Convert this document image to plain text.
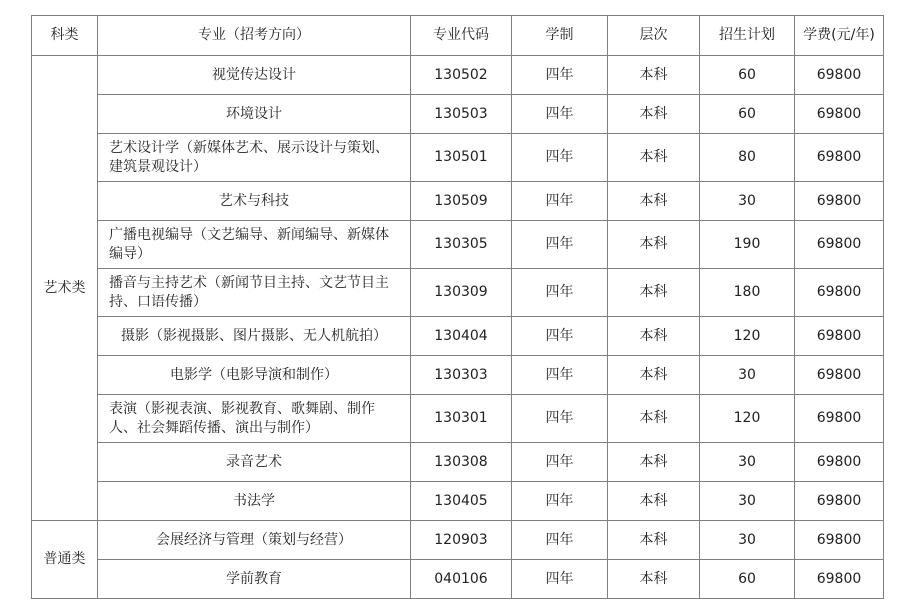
科类	专业（招考方向）	专业代码	学制	层次	招生计划	学费(元/年)
艺术类	视觉传达设计	130502	四年	本科	60	69800
	环境设计	130503	四年	本科	60	69800
	艺术设计学（新媒体艺术、展示设计与策划、建筑景观设计）	130501	四年	本科	80	69800
	艺术与科技	130509	四年	本科	30	69800
	广播电视编导（文艺编导、新闻编导、新媒体编导）	130305	四年	本科	190	69800
	播音与主持艺术（新闻节目主持、文艺节目主持、口语传播）	130309	四年	本科	180	69800
	摄影（影视摄影、图片摄影、无人机航拍）	130404	四年	本科	120	69800
	电影学（电影导演和制作）	130303	四年	本科	30	69800
	表演（影视表演、影视教育、歌舞剧、制作人、社会舞蹈传播、演出与制作）	130301	四年	本科	120	69800
	录音艺术	130308	四年	本科	30	69800
	书法学	130405	四年	本科	30	69800
普通类	会展经济与管理（策划与经营）	120903	四年	本科	30	69800
	学前教育	040106	四年	本科	60	69800
